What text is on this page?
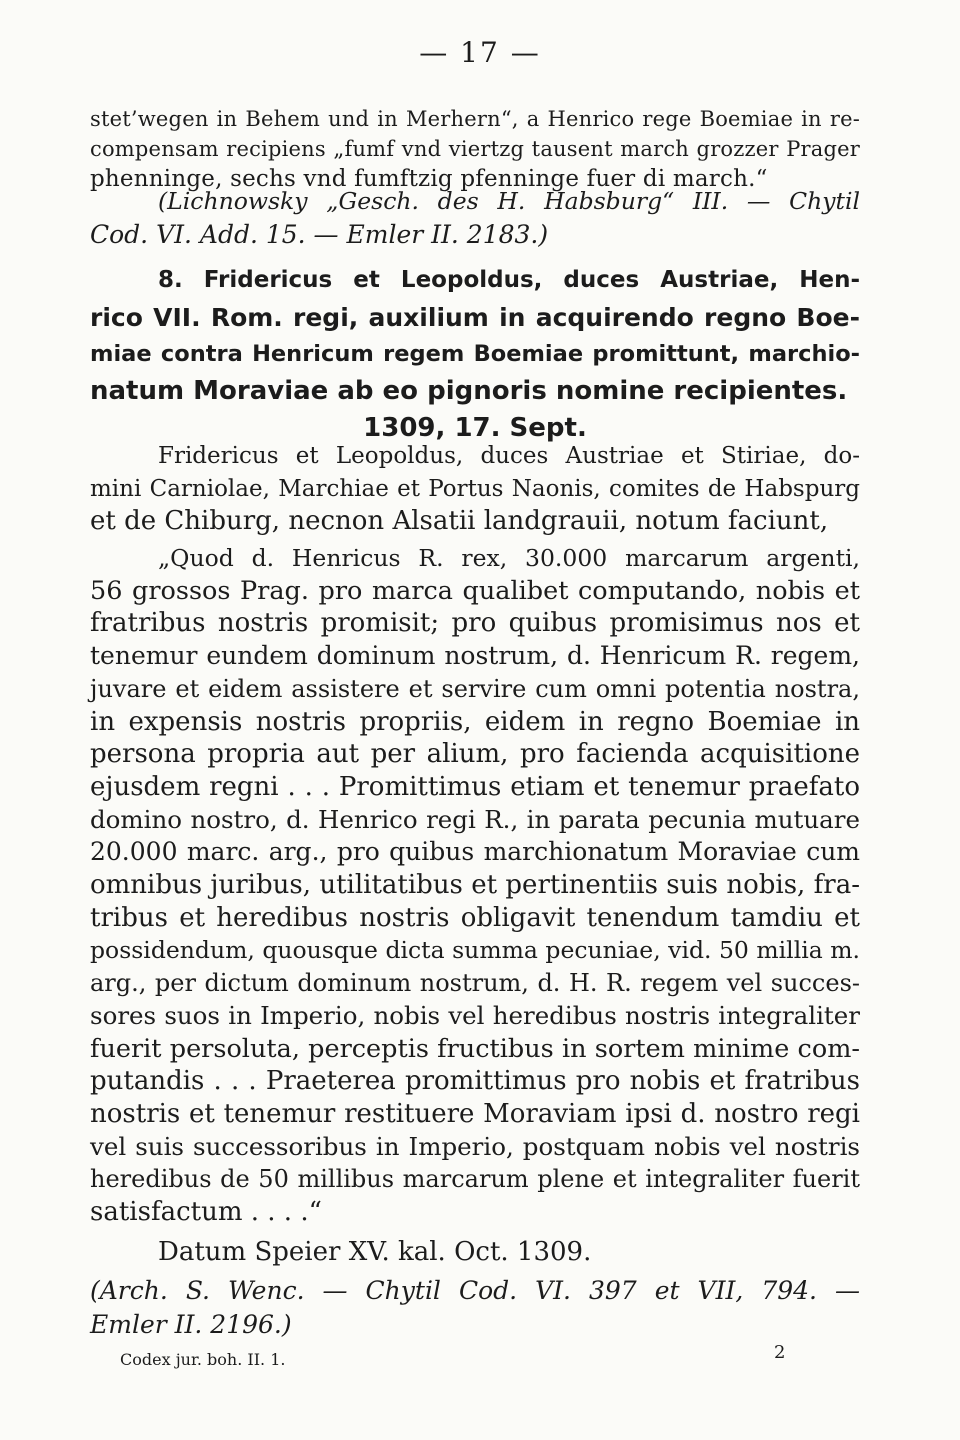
— 17 —
stet’wegen in Behem und in Merhern“, a Henrico rege Boemiae in re-
compensam recipiens „fumf vnd viertzg tausent march grozzer Prager
phenninge, sechs vnd fumftzig pfenninge fuer di march.“
(Lichnowsky „Gesch. des H. Habsburg“ III. — Chytil
Cod. VI. Add. 15. — Emler II. 2183.)
8. Fridericus et Leopoldus, duces Austriae, Hen-
rico VII. Rom. regi, auxilium in acquirendo regno Boe-
miae contra Henricum regem Boemiae promittunt, marchio-
natum Moraviae ab eo pignoris nomine recipientes.
1309, 17. Sept.
Fridericus et Leopoldus, duces Austriae et Stiriae, do-
mini Carniolae, Marchiae et Portus Naonis, comites de Habspurg
et de Chiburg, necnon Alsatii landgrauii, notum faciunt,
„Quod d. Henricus R. rex, 30.000 marcarum argenti,
56 grossos Prag. pro marca qualibet computando, nobis et
fratribus nostris promisit; pro quibus promisimus nos et
tenemur eundem dominum nostrum, d. Henricum R. regem,
juvare et eidem assistere et servire cum omni potentia nostra,
in expensis nostris propriis, eidem in regno Boemiae in
persona propria aut per alium, pro facienda acquisitione
ejusdem regni . . . Promittimus etiam et tenemur praefato
domino nostro, d. Henrico regi R., in parata pecunia mutuare
20.000 marc. arg., pro quibus marchionatum Moraviae cum
omnibus juribus, utilitatibus et pertinentiis suis nobis, fra-
tribus et heredibus nostris obligavit tenendum tamdiu et
possidendum, quousque dicta summa pecuniae, vid. 50 millia m.
arg., per dictum dominum nostrum, d. H. R. regem vel succes-
sores suos in Imperio, nobis vel heredibus nostris integraliter
fuerit persoluta, perceptis fructibus in sortem minime com-
putandis . . . Praeterea promittimus pro nobis et fratribus
nostris et tenemur restituere Moraviam ipsi d. nostro regi
vel suis successoribus in Imperio, postquam nobis vel nostris
heredibus de 50 millibus marcarum plene et integraliter fuerit
satisfactum . . . .“
Datum Speier XV. kal. Oct. 1309.
(Arch. S. Wenc. — Chytil Cod. VI. 397 et VII, 794. —
Emler II. 2196.)
Codex jur. boh. II. 1.	2
